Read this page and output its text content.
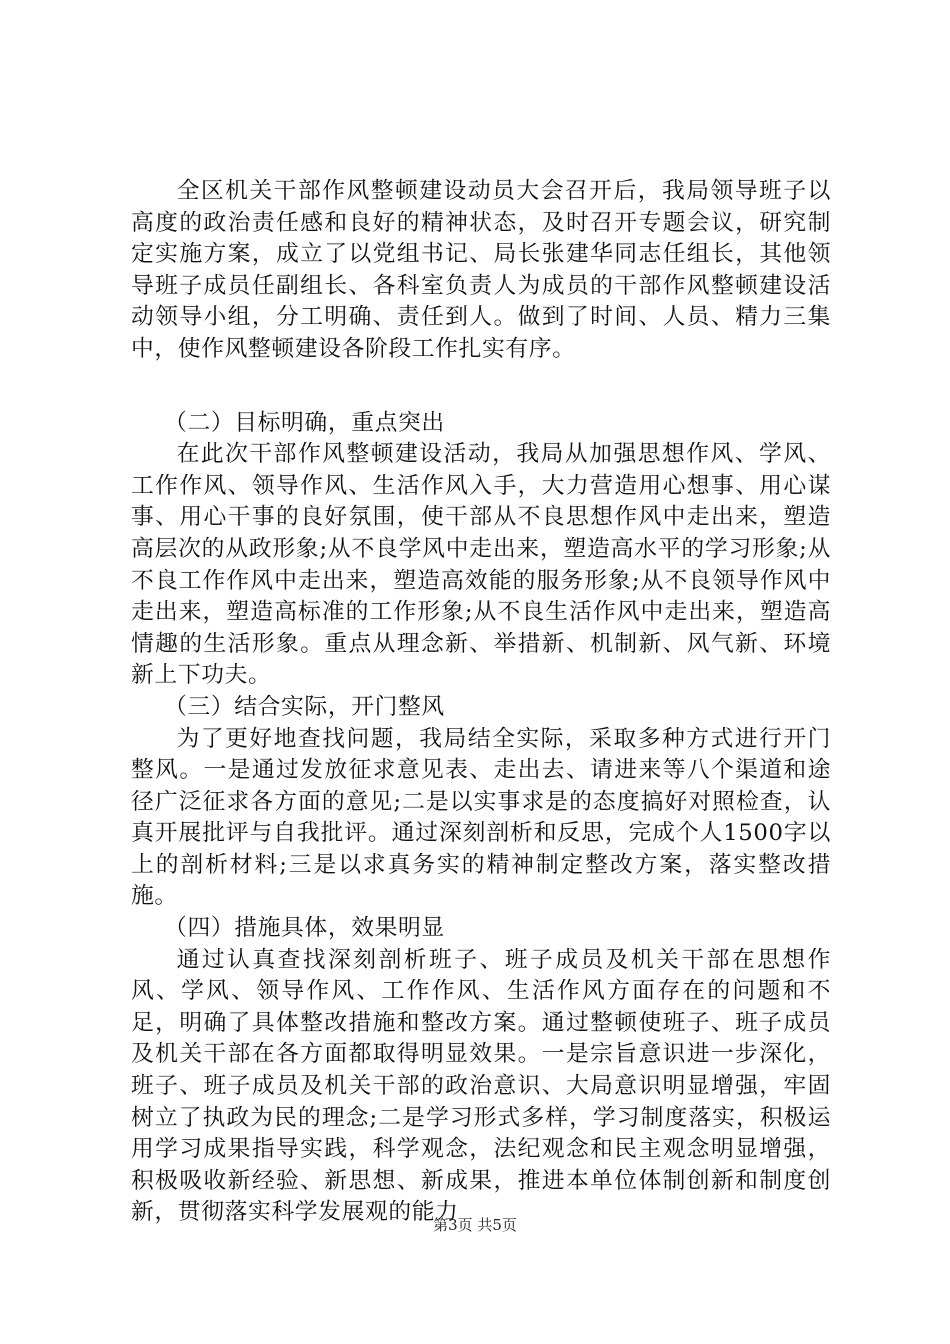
全区机关干部作风整顿建设动员大会召开后，我局领导班子以高度的政治责任感和良好的精神状态，及时召开专题会议，研究制定实施方案，成立了以党组书记、局长张建华同志任组长，其他领导班子成员任副组长、各科室负责人为成员的干部作风整顿建设活动领导小组，分工明确、责任到人。做到了时间、人员、精力三集中，使作风整顿建设各阶段工作扎实有序。

（二）目标明确，重点突出

在此次干部作风整顿建设活动，我局从加强思想作风、学风、工作作风、领导作风、生活作风入手，大力营造用心想事、用心谋事、用心干事的良好氛围，使干部从不良思想作风中走出来，塑造高层次的从政形象;从不良学风中走出来，塑造高水平的学习形象;从不良工作作风中走出来，塑造高效能的服务形象;从不良领导作风中走出来，塑造高标准的工作形象;从不良生活作风中走出来，塑造高情趣的生活形象。重点从理念新、举措新、机制新、风气新、环境新上下功夫。

（三）结合实际，开门整风

为了更好地查找问题，我局结全实际，采取多种方式进行开门整风。一是通过发放征求意见表、走出去、请进来等八个渠道和途径广泛征求各方面的意见;二是以实事求是的态度搞好对照检查，认真开展批评与自我批评。通过深刻剖析和反思，完成个人1500字以上的剖析材料;三是以求真务实的精神制定整改方案，落实整改措施。

（四）措施具体，效果明显

通过认真查找深刻剖析班子、班子成员及机关干部在思想作风、学风、领导作风、工作作风、生活作风方面存在的问题和不足，明确了具体整改措施和整改方案。通过整顿使班子、班子成员及机关干部在各方面都取得明显效果。一是宗旨意识进一步深化，班子、班子成员及机关干部的政治意识、大局意识明显增强，牢固树立了执政为民的理念;二是学习形式多样，学习制度落实，积极运用学习成果指导实践，科学观念，法纪观念和民主观念明显增强，积极吸收新经验、新思想、新成果，推进本单位体制创新和制度创新，贯彻落实科学发展观的能力

第3页 共5页
